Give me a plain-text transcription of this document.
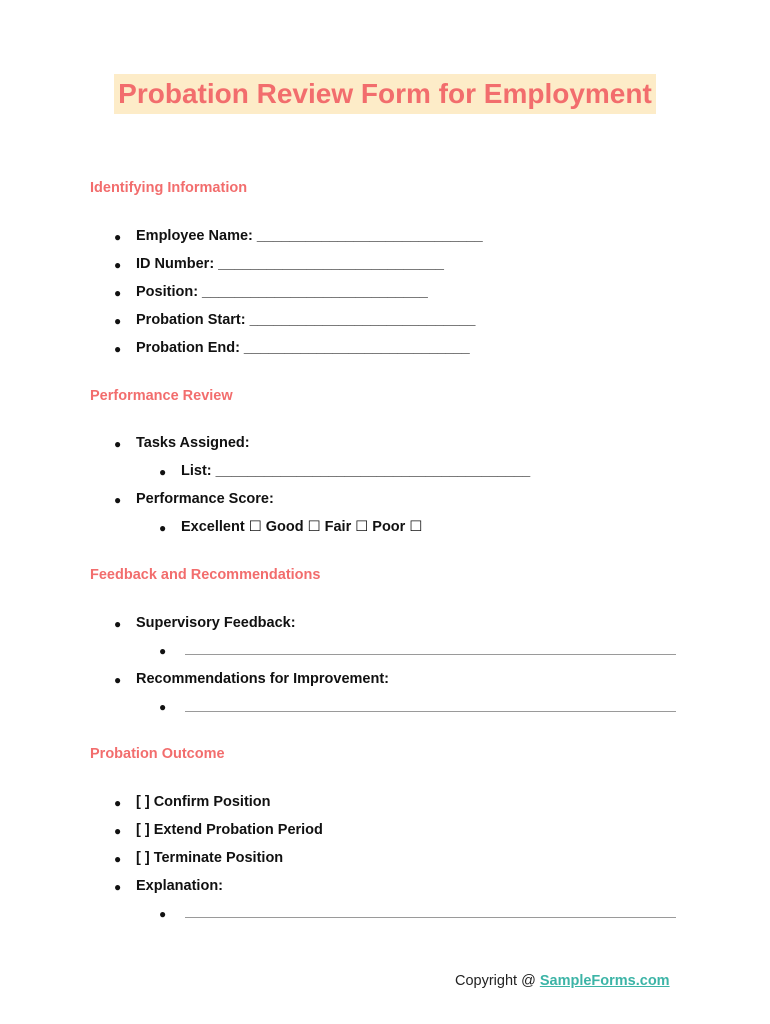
Probation Review Form for Employment
Identifying Information
● Employee Name: ____________________________
● ID Number: ____________________________
● Position: ____________________________
● Probation Start: ____________________________
● Probation End: ____________________________
Performance Review
● Tasks Assigned:
● List: _______________________________________
● Performance Score:
● Excellent ☐ Good ☐ Fair ☐ Poor ☐
Feedback and Recommendations
● Supervisory Feedback:
●
● Recommendations for Improvement:
●
Probation Outcome
● [ ] Confirm Position
● [ ] Extend Probation Period
● [ ] Terminate Position
● Explanation:
●
Copyright @ SampleForms.com
